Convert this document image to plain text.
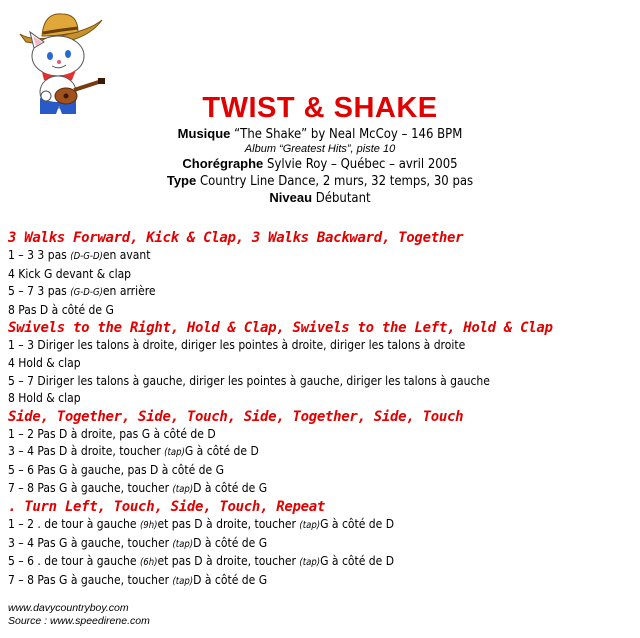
TWIST & SHAKE
Musique “The Shake” by Neal McCoy – 146 BPM
Album “Greatest Hits”, piste 10
Chorégraphe Sylvie Roy – Québec – avril 2005
Type Country Line Dance, 2 murs, 32 temps, 30 pas
Niveau Débutant
3 Walks Forward, Kick & Clap, 3 Walks Backward, Together
1 – 3 3 pas (D-G-D)en avant
4 Kick G devant & clap
5 – 7 3 pas (G-D-G)en arrière
8 Pas D à côté de G
Swivels to the Right, Hold & Clap, Swivels to the Left, Hold & Clap
1 – 3 Diriger les talons à droite, diriger les pointes à droite, diriger les talons à droite
4 Hold & clap
5 – 7 Diriger les talons à gauche, diriger les pointes à gauche, diriger les talons à gauche
8 Hold & clap
Side, Together, Side, Touch, Side, Together, Side, Touch
1 – 2 Pas D à droite, pas G à côté de D
3 – 4 Pas D à droite, toucher (tap)G à côté de D
5 – 6 Pas G à gauche, pas D à côté de G
7 – 8 Pas G à gauche, toucher (tap)D à côté de G
. Turn Left, Touch, Side, Touch, Repeat
1 – 2 . de tour à gauche (9h)et pas D à droite, toucher (tap)G à côté de D
3 – 4 Pas G à gauche, toucher (tap)D à côté de G
5 – 6 . de tour à gauche (6h)et pas D à droite, toucher (tap)G à côté de D
7 – 8 Pas G à gauche, toucher (tap)D à côté de G
www.davycountryboy.com
Source : www.speedirene.com
